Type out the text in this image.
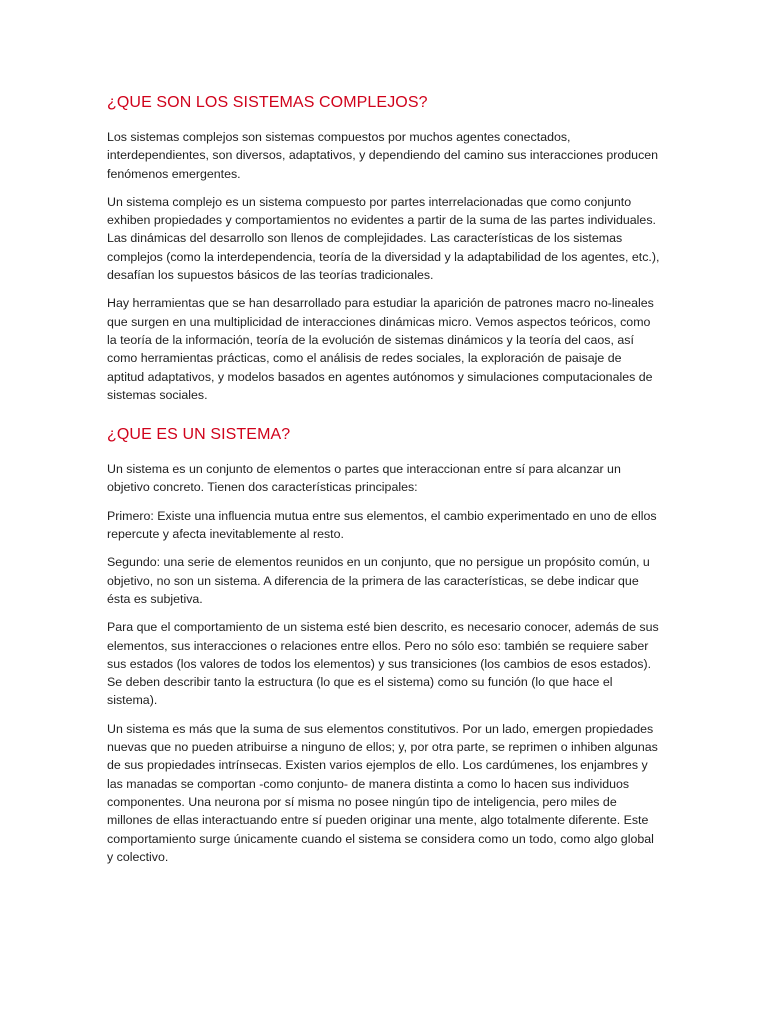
¿QUE SON LOS SISTEMAS COMPLEJOS?

Los sistemas complejos son sistemas compuestos por muchos agentes conectados, interdependientes, son diversos, adaptativos, y dependiendo del camino sus interacciones producen fenómenos emergentes.

Un sistema complejo es un sistema compuesto por partes interrelacionadas que como conjunto exhiben propiedades y comportamientos no evidentes a partir de la suma de las partes individuales. Las dinámicas del desarrollo son llenos de complejidades. Las características de los sistemas complejos (como la interdependencia, teoría de la diversidad y la adaptabilidad de los agentes, etc.), desafían los supuestos básicos de las teorías tradicionales.

Hay herramientas que se han desarrollado para estudiar la aparición de patrones macro no-lineales que surgen en una multiplicidad de interacciones dinámicas micro. Vemos aspectos teóricos, como la teoría de la información, teoría de la evolución de sistemas dinámicos y la teoría del caos, así como herramientas prácticas, como el análisis de redes sociales, la exploración de paisaje de aptitud adaptativos, y modelos basados en agentes autónomos y simulaciones computacionales de sistemas sociales.

¿QUE ES UN SISTEMA?

Un sistema es un conjunto de elementos o partes que interaccionan entre sí para alcanzar un objetivo concreto. Tienen dos características principales:

Primero: Existe una influencia mutua entre sus elementos, el cambio experimentado en uno de ellos repercute y afecta inevitablemente al resto.

Segundo: una serie de elementos reunidos en un conjunto, que no persigue un propósito común, u objetivo, no son un sistema. A diferencia de la primera de las características, se debe indicar que ésta es subjetiva.

Para que el comportamiento de un sistema esté bien descrito, es necesario conocer, además de sus elementos, sus interacciones o relaciones entre ellos. Pero no sólo eso: también se requiere saber sus estados (los valores de todos los elementos) y sus transiciones (los cambios de esos estados). Se deben describir tanto la estructura (lo que es el sistema) como su función (lo que hace el sistema).

Un sistema es más que la suma de sus elementos constitutivos. Por un lado, emergen propiedades nuevas que no pueden atribuirse a ninguno de ellos; y, por otra parte, se reprimen o inhiben algunas de sus propiedades intrínsecas. Existen varios ejemplos de ello. Los cardúmenes, los enjambres y las manadas se comportan -como conjunto- de manera distinta a como lo hacen sus individuos componentes. Una neurona por sí misma no posee ningún tipo de inteligencia, pero miles de millones de ellas interactuando entre sí pueden originar una mente, algo totalmente diferente. Este comportamiento surge únicamente cuando el sistema se considera como un todo, como algo global y colectivo.
